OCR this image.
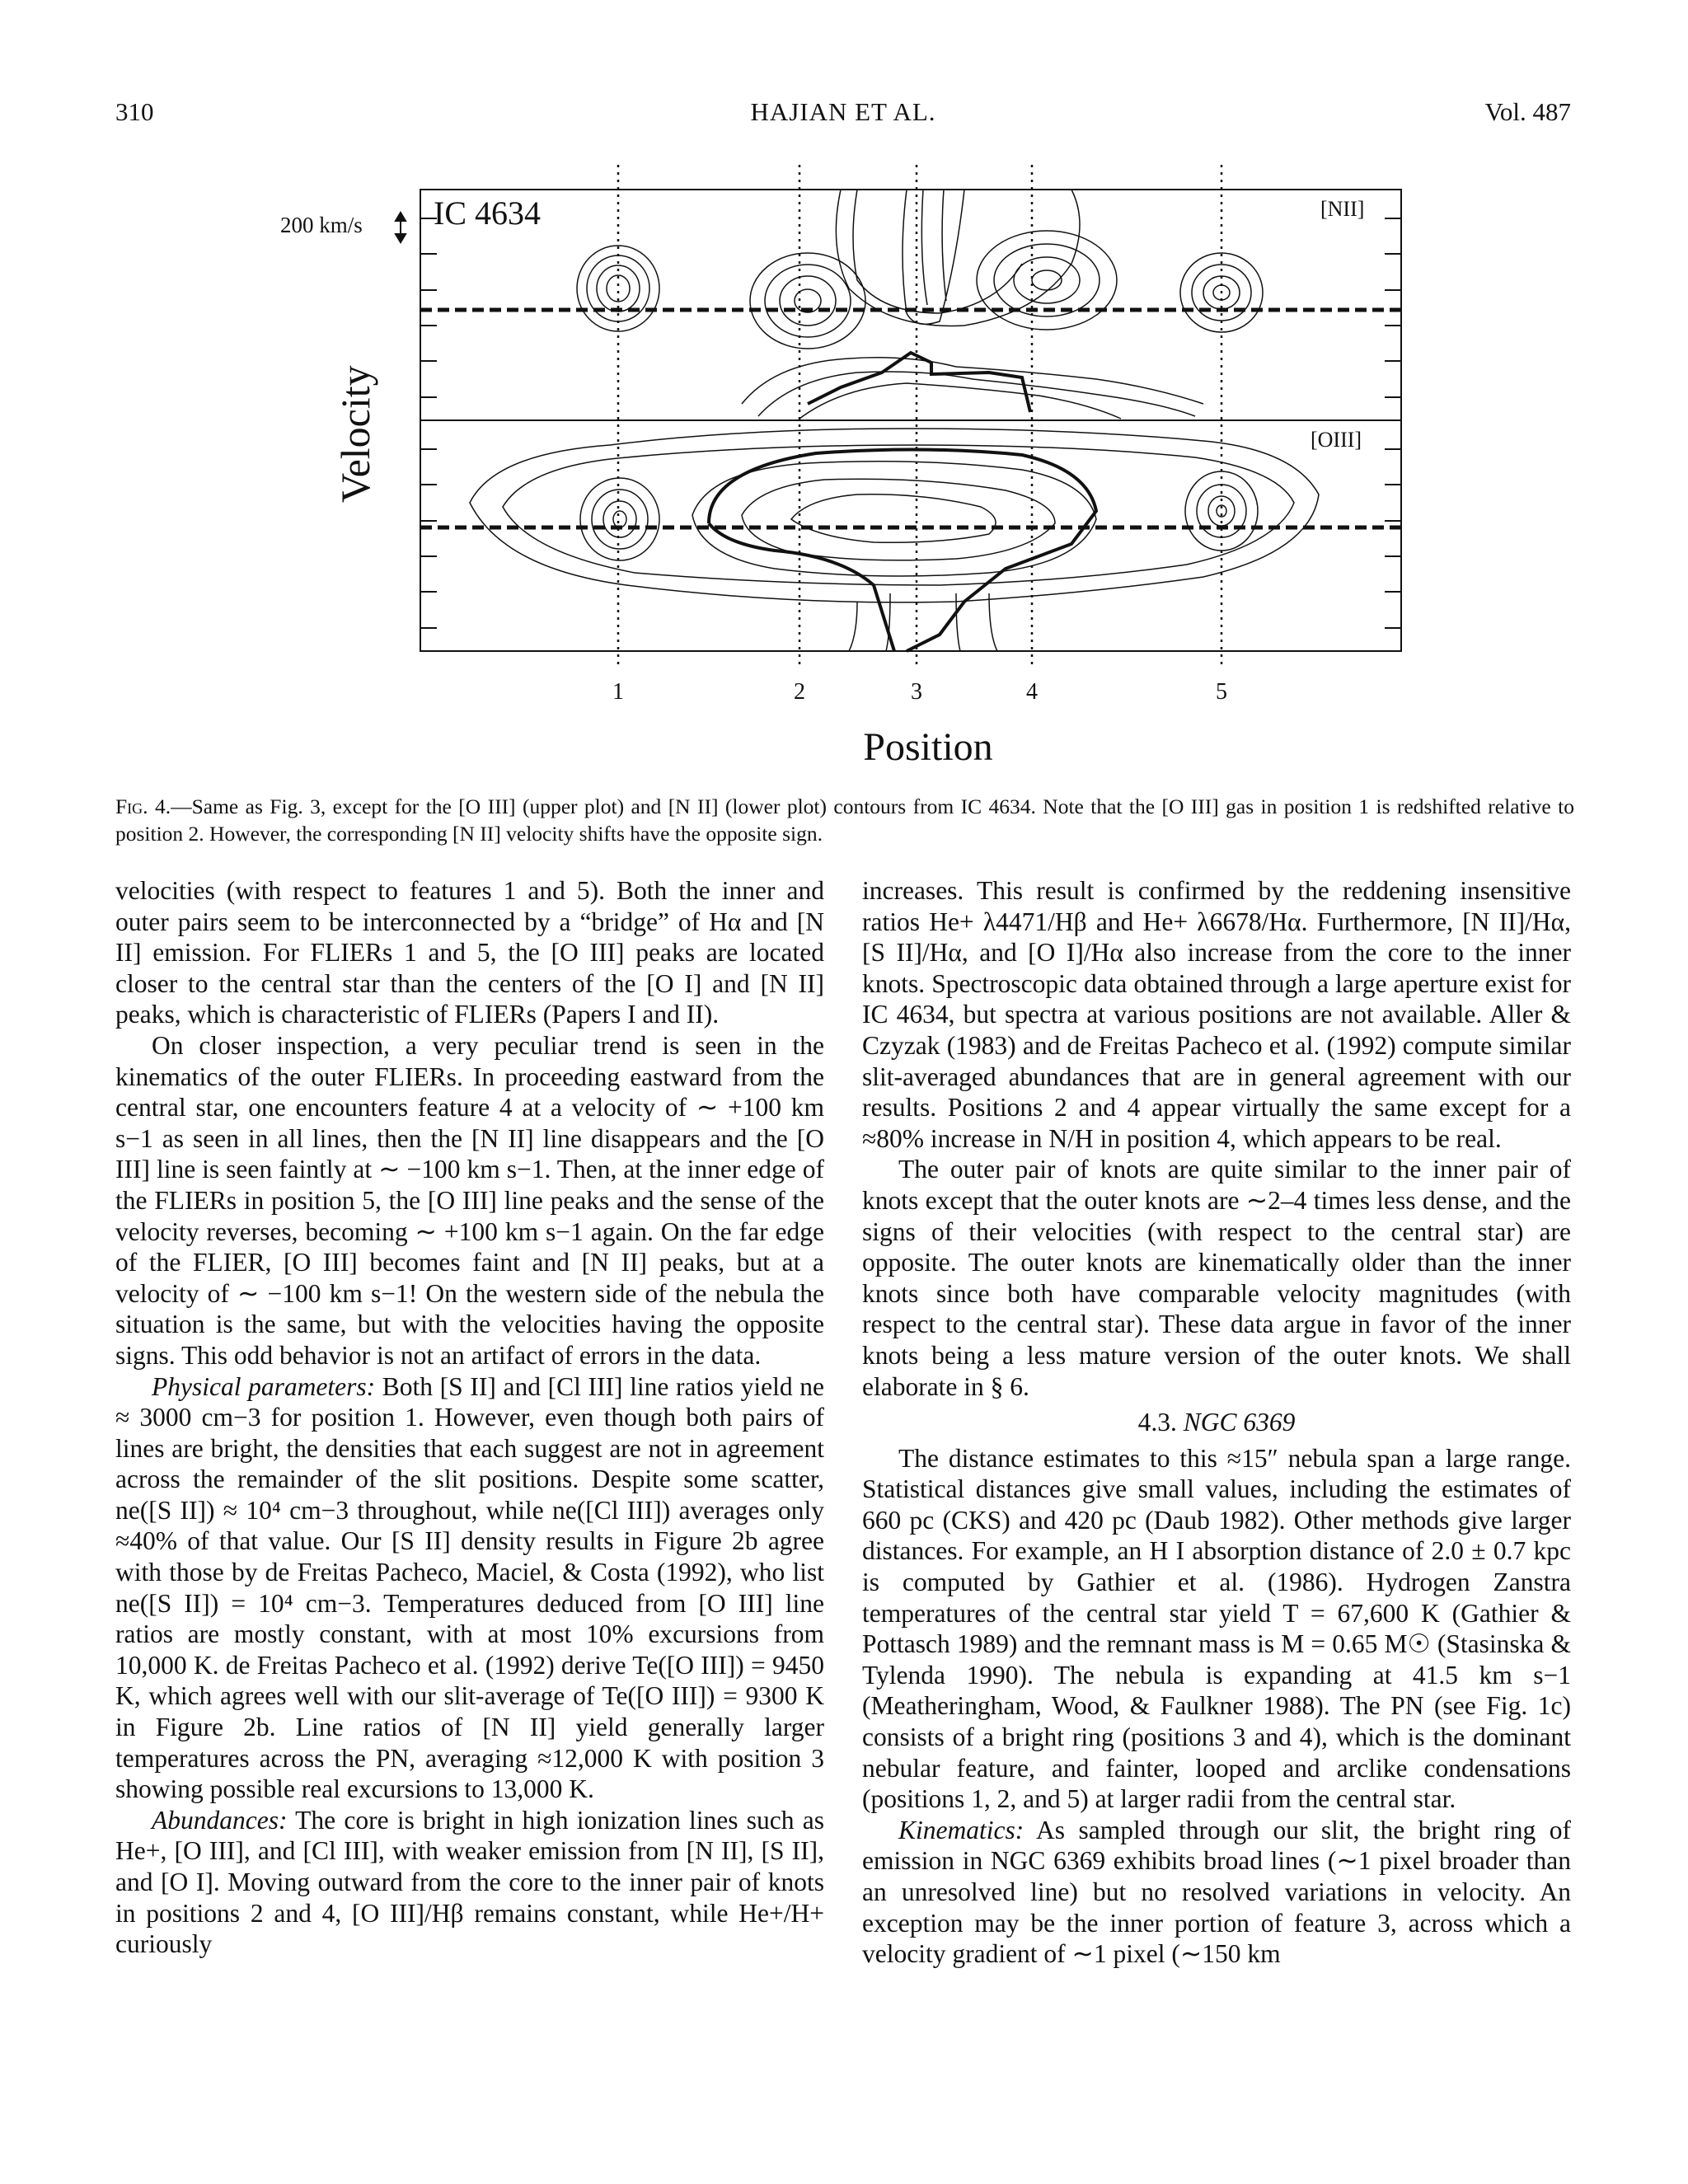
310	HAJIAN ET AL.	Vol. 487
200 km/s
Velocity
IC 4634	[NII]
[OIII]
1	2	3	4	5
Position
Fig. 4.—Same as Fig. 3, except for the [O III] (upper plot) and [N II] (lower plot) contours from IC 4634. Note that the [O III] gas in position 1 is redshifted relative to position 2. However, the corresponding [N II] velocity shifts have the opposite sign.

velocities (with respect to features 1 and 5). Both the inner and outer pairs seem to be interconnected by a “bridge” of Hα and [N II] emission. For FLIERs 1 and 5, the [O III] peaks are located closer to the central star than the centers of the [O I] and [N II] peaks, which is characteristic of FLIERs (Papers I and II).

On closer inspection, a very peculiar trend is seen in the kinematics of the outer FLIERs. In proceeding eastward from the central star, one encounters feature 4 at a velocity of ∼ +100 km s−1 as seen in all lines, then the [N II] line disappears and the [O III] line is seen faintly at ∼ −100 km s−1. Then, at the inner edge of the FLIERs in position 5, the [O III] line peaks and the sense of the velocity reverses, becoming ∼ +100 km s−1 again. On the far edge of the FLIER, [O III] becomes faint and [N II] peaks, but at a velocity of ∼ −100 km s−1! On the western side of the nebula the situation is the same, but with the velocities having the opposite signs. This odd behavior is not an artifact of errors in the data.

Physical parameters: Both [S II] and [Cl III] line ratios yield ne ≈ 3000 cm−3 for position 1. However, even though both pairs of lines are bright, the densities that each suggest are not in agreement across the remainder of the slit positions. Despite some scatter, ne([S II]) ≈ 10⁴ cm−3 throughout, while ne([Cl III]) averages only ≈40% of that value. Our [S II] density results in Figure 2b agree with those by de Freitas Pacheco, Maciel, & Costa (1992), who list ne([S II]) = 10⁴ cm−3. Temperatures deduced from [O III] line ratios are mostly constant, with at most 10% excursions from 10,000 K. de Freitas Pacheco et al. (1992) derive Te([O III]) = 9450 K, which agrees well with our slit-average of Te([O III]) = 9300 K in Figure 2b. Line ratios of [N II] yield generally larger temperatures across the PN, averaging ≈12,000 K with position 3 showing possible real excursions to 13,000 K.

Abundances: The core is bright in high ionization lines such as He+, [O III], and [Cl III], with weaker emission from [N II], [S II], and [O I]. Moving outward from the core to the inner pair of knots in positions 2 and 4, [O III]/Hβ remains constant, while He+/H+ curiously

increases. This result is confirmed by the reddening insensitive ratios He+ λ4471/Hβ and He+ λ6678/Hα. Furthermore, [N II]/Hα, [S II]/Hα, and [O I]/Hα also increase from the core to the inner knots. Spectroscopic data obtained through a large aperture exist for IC 4634, but spectra at various positions are not available. Aller & Czyzak (1983) and de Freitas Pacheco et al. (1992) compute similar slit-averaged abundances that are in general agreement with our results. Positions 2 and 4 appear virtually the same except for a ≈80% increase in N/H in position 4, which appears to be real.

The outer pair of knots are quite similar to the inner pair of knots except that the outer knots are ∼2–4 times less dense, and the signs of their velocities (with respect to the central star) are opposite. The outer knots are kinematically older than the inner knots since both have comparable velocity magnitudes (with respect to the central star). These data argue in favor of the inner knots being a less mature version of the outer knots. We shall elaborate in § 6.

4.3. NGC 6369

The distance estimates to this ≈15″ nebula span a large range. Statistical distances give small values, including the estimates of 660 pc (CKS) and 420 pc (Daub 1982). Other methods give larger distances. For example, an H I absorption distance of 2.0 ± 0.7 kpc is computed by Gathier et al. (1986). Hydrogen Zanstra temperatures of the central star yield T = 67,600 K (Gathier & Pottasch 1989) and the remnant mass is M = 0.65 M☉ (Stasinska & Tylenda 1990). The nebula is expanding at 41.5 km s−1 (Meatheringham, Wood, & Faulkner 1988). The PN (see Fig. 1c) consists of a bright ring (positions 3 and 4), which is the dominant nebular feature, and fainter, looped and arclike condensations (positions 1, 2, and 5) at larger radii from the central star.

Kinematics: As sampled through our slit, the bright ring of emission in NGC 6369 exhibits broad lines (∼1 pixel broader than an unresolved line) but no resolved variations in velocity. An exception may be the inner portion of feature 3, across which a velocity gradient of ∼1 pixel (∼150 km
